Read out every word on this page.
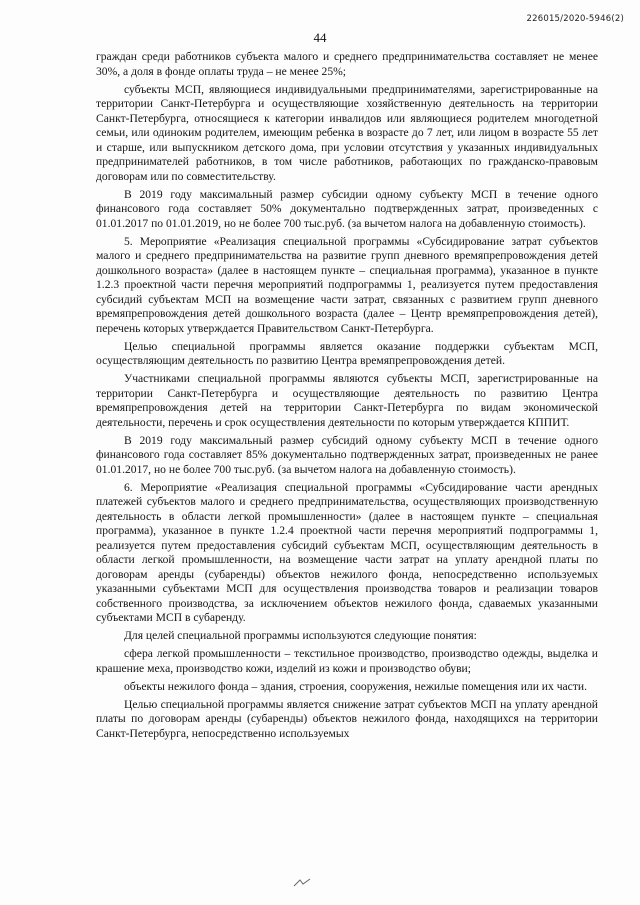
226015/2020-5946(2)
44

граждан среди работников субъекта малого и среднего предпринимательства составляет не менее 30%, а доля в фонде оплаты труда – не менее 25%;

субъекты МСП, являющиеся индивидуальными предпринимателями, зарегистрированные на территории Санкт-Петербурга и осуществляющие хозяйственную деятельность на территории Санкт-Петербурга, относящиеся к категории инвалидов или являющиеся родителем многодетной семьи, или одиноким родителем, имеющим ребенка в возрасте до 7 лет, или лицом в возрасте 55 лет и старше, или выпускником детского дома, при условии отсутствия у указанных индивидуальных предпринимателей работников, в том числе работников, работающих по гражданско-правовым договорам или по совместительству.

В 2019 году максимальный размер субсидии одному субъекту МСП в течение одного финансового года составляет 50% документально подтвержденных затрат, произведенных с 01.01.2017 по 01.01.2019, но не более 700 тыс.руб. (за вычетом налога на добавленную стоимость).

5. Мероприятие «Реализация специальной программы «Субсидирование затрат субъектов малого и среднего предпринимательства на развитие групп дневного времяпрепровождения детей дошкольного возраста» (далее в настоящем пункте – специальная программа), указанное в пункте 1.2.3 проектной части перечня мероприятий подпрограммы 1, реализуется путем предоставления субсидий субъектам МСП на возмещение части затрат, связанных с развитием групп дневного времяпрепровождения детей дошкольного возраста (далее – Центр времяпрепровождения детей), перечень которых утверждается Правительством Санкт-Петербурга.

Целью специальной программы является оказание поддержки субъектам МСП, осуществляющим деятельность по развитию Центра времяпрепровождения детей.

Участниками специальной программы являются субъекты МСП, зарегистрированные на территории Санкт-Петербурга и осуществляющие деятельность по развитию Центра времяпрепровождения детей на территории Санкт-Петербурга по видам экономической деятельности, перечень и срок осуществления деятельности по которым утверждается КППИТ.

В 2019 году максимальный размер субсидий одному субъекту МСП в течение одного финансового года составляет 85% документально подтвержденных затрат, произведенных не ранее 01.01.2017, но не более 700 тыс.руб. (за вычетом налога на добавленную стоимость).

6. Мероприятие «Реализация специальной программы «Субсидирование части арендных платежей субъектов малого и среднего предпринимательства, осуществляющих производственную деятельность в области легкой промышленности» (далее в настоящем пункте – специальная программа), указанное в пункте 1.2.4 проектной части перечня мероприятий подпрограммы 1, реализуется путем предоставления субсидий субъектам МСП, осуществляющим деятельность в области легкой промышленности, на возмещение части затрат на уплату арендной платы по договорам аренды (субаренды) объектов нежилого фонда, непосредственно используемых указанными субъектами МСП для осуществления производства товаров и реализации товаров собственного производства, за исключением объектов нежилого фонда, сдаваемых указанными субъектами МСП в субаренду.

Для целей специальной программы используются следующие понятия:

сфера легкой промышленности – текстильное производство, производство одежды, выделка и крашение меха, производство кожи, изделий из кожи и производство обуви;

объекты нежилого фонда – здания, строения, сооружения, нежилые помещения или их части.

Целью специальной программы является снижение затрат субъектов МСП на уплату арендной платы по договорам аренды (субаренды) объектов нежилого фонда, находящихся на территории Санкт-Петербурга, непосредственно используемых
